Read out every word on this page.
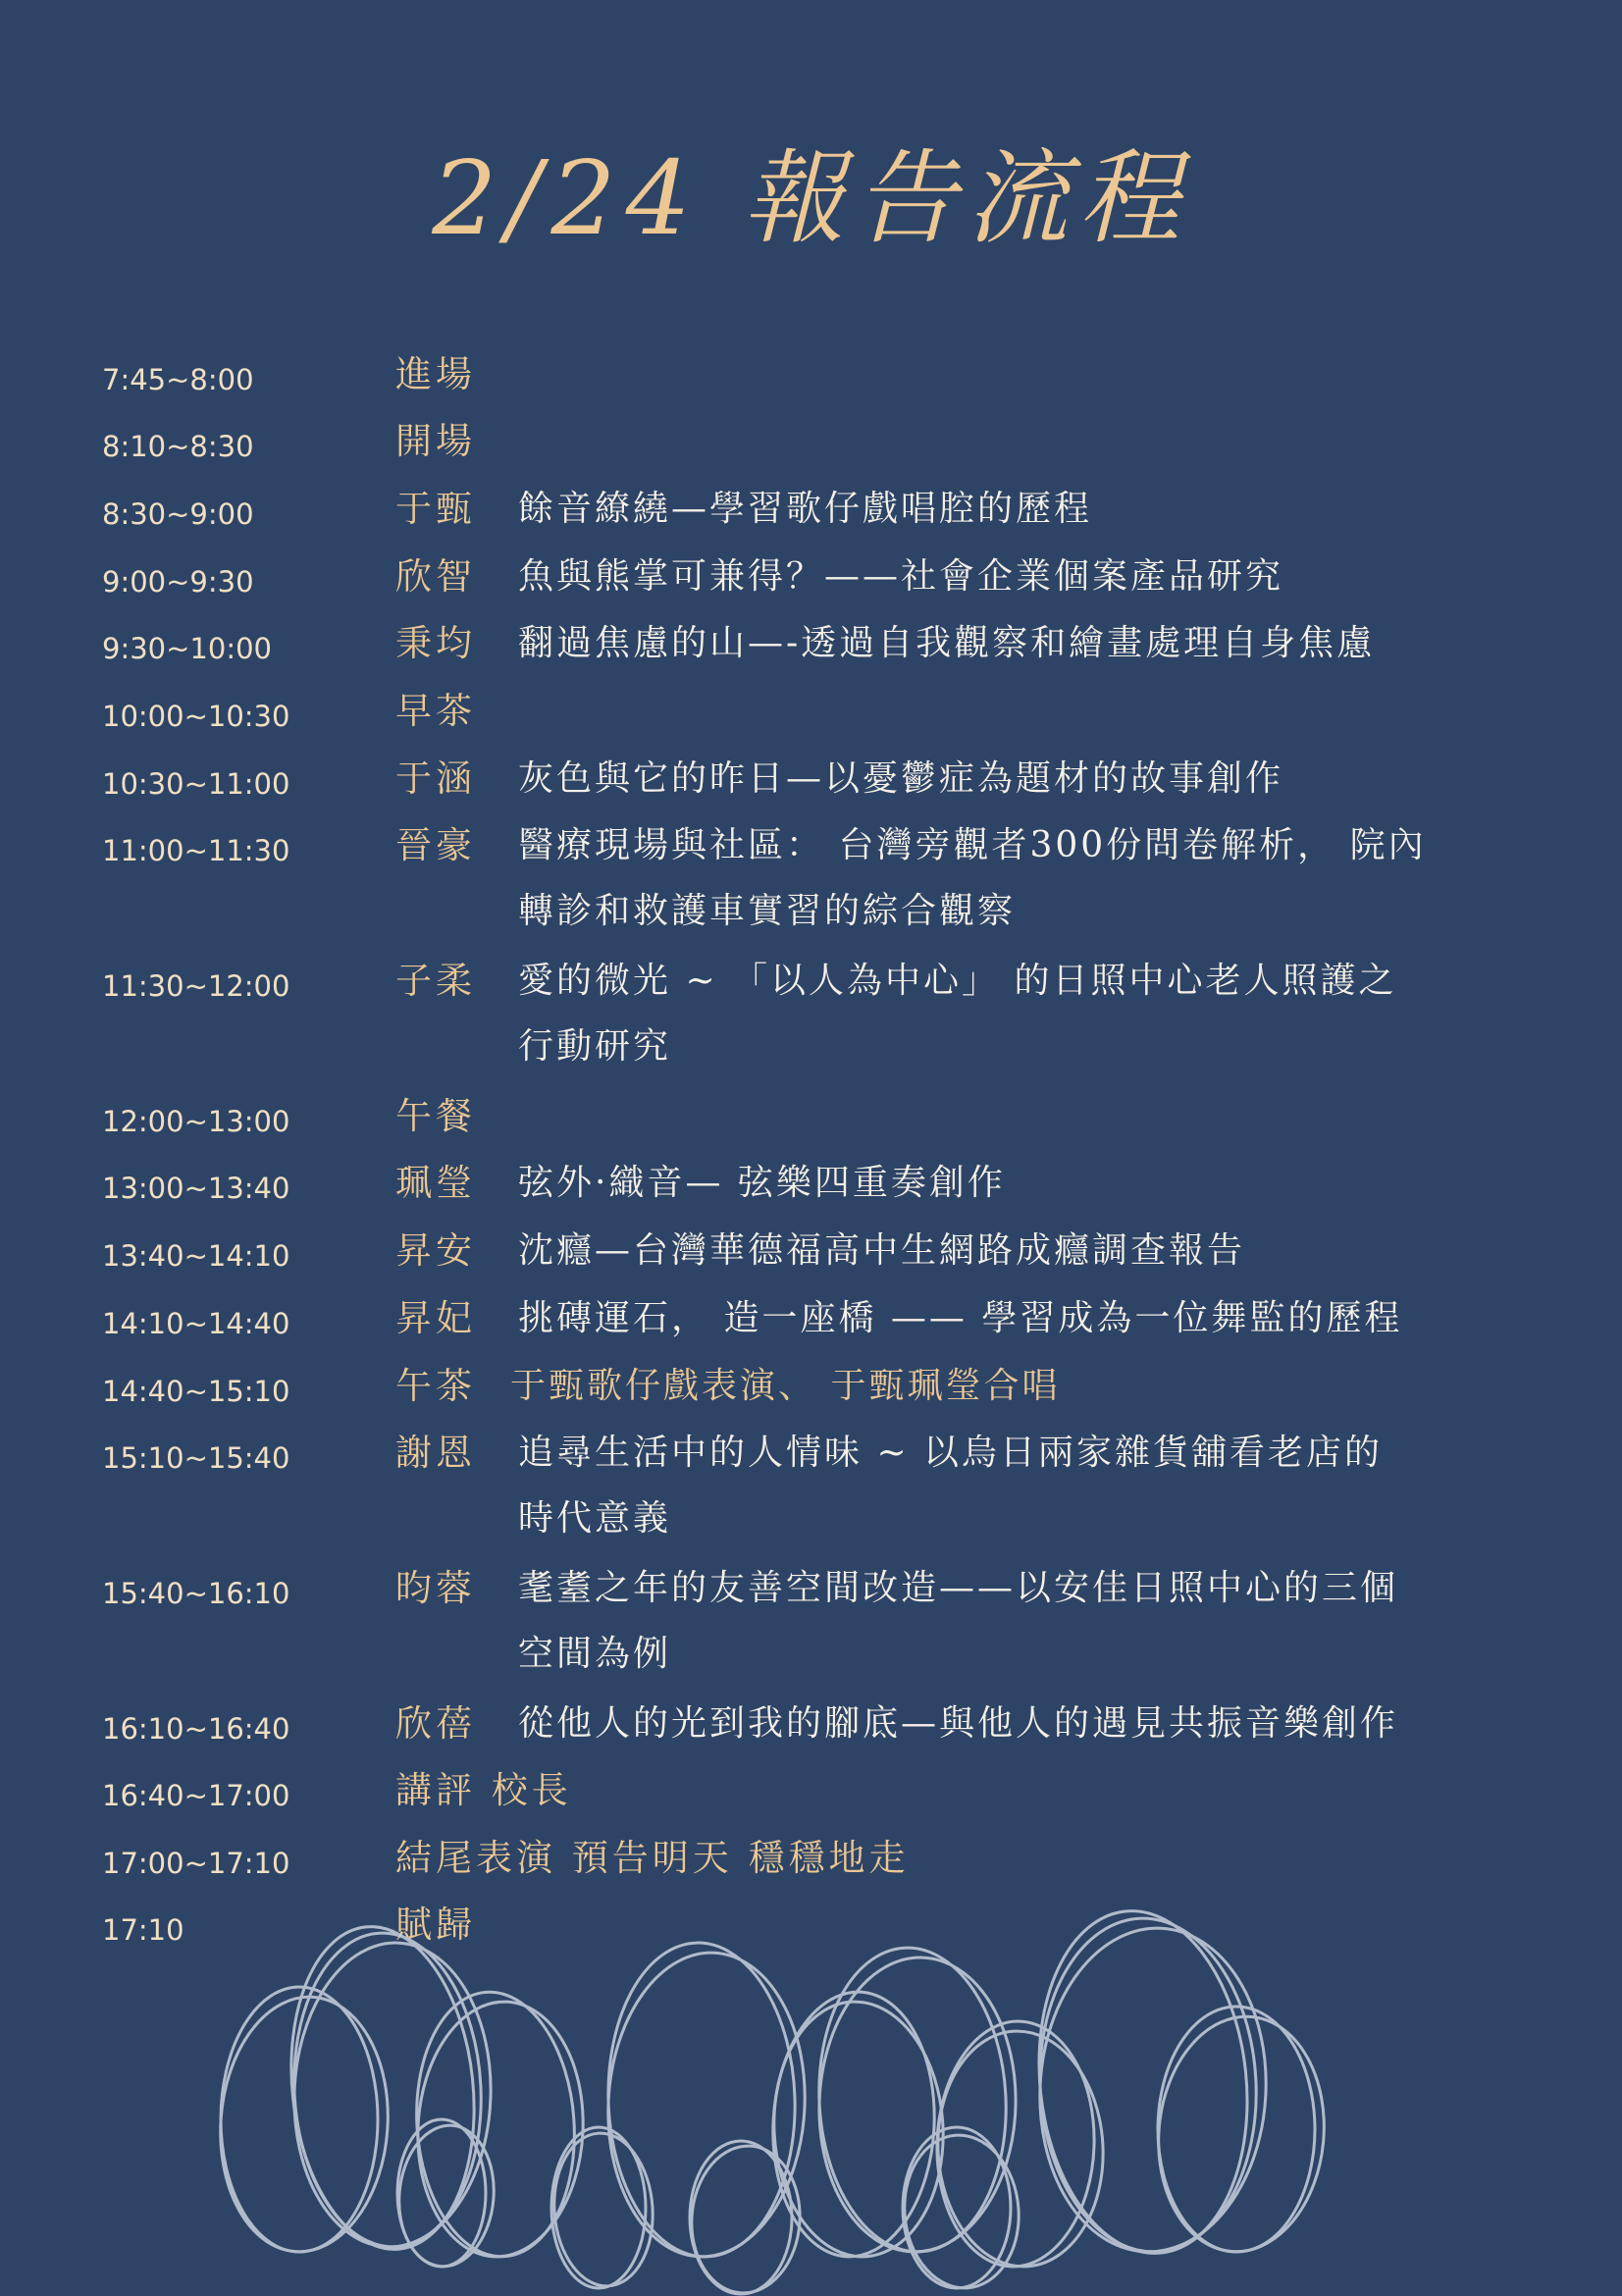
2/24 報告流程
7:45~8:00	進場
8:10~8:30	開場
8:30~9:00	于甄 餘音繚繞—學習歌仔戲唱腔的歷程
9:00~9:30	欣智 魚與熊掌可兼得？——社會企業個案產品研究
9:30~10:00	秉均 翻過焦慮的山—-透過自我觀察和繪畫處理自身焦慮
10:00~10:30	早茶
10:30~11:00	于涵 灰色與它的昨日—以憂鬱症為題材的故事創作
11:00~11:30	晉豪 醫療現場與社區： 台灣旁觀者300份問卷解析， 院內
轉診和救護車實習的綜合觀察
11:30~12:00	子柔 愛的微光 ~ 「以人為中心」 的日照中心老人照護之
行動研究
12:00~13:00	午餐
13:00~13:40	珮瑩 弦外·織音— 弦樂四重奏創作
13:40~14:10	昇安 沈癮—台灣華德福高中生網路成癮調查報告
14:10~14:40	昇妃 挑磚運石， 造一座橋 —— 學習成為一位舞監的歷程
14:40~15:10	午茶 于甄歌仔戲表演、 于甄珮瑩合唱
15:10~15:40	謝恩 追尋生活中的人情味 ~ 以烏日兩家雜貨舖看老店的
時代意義
15:40~16:10	昀蓉 耄耋之年的友善空間改造——以安佳日照中心的三個
空間為例
16:10~16:40	欣蓓 從他人的光到我的腳底—與他人的遇見共振音樂創作
16:40~17:00	講評 校長
17:00~17:10	結尾表演 預告明天 穩穩地走
17:10	賦歸
